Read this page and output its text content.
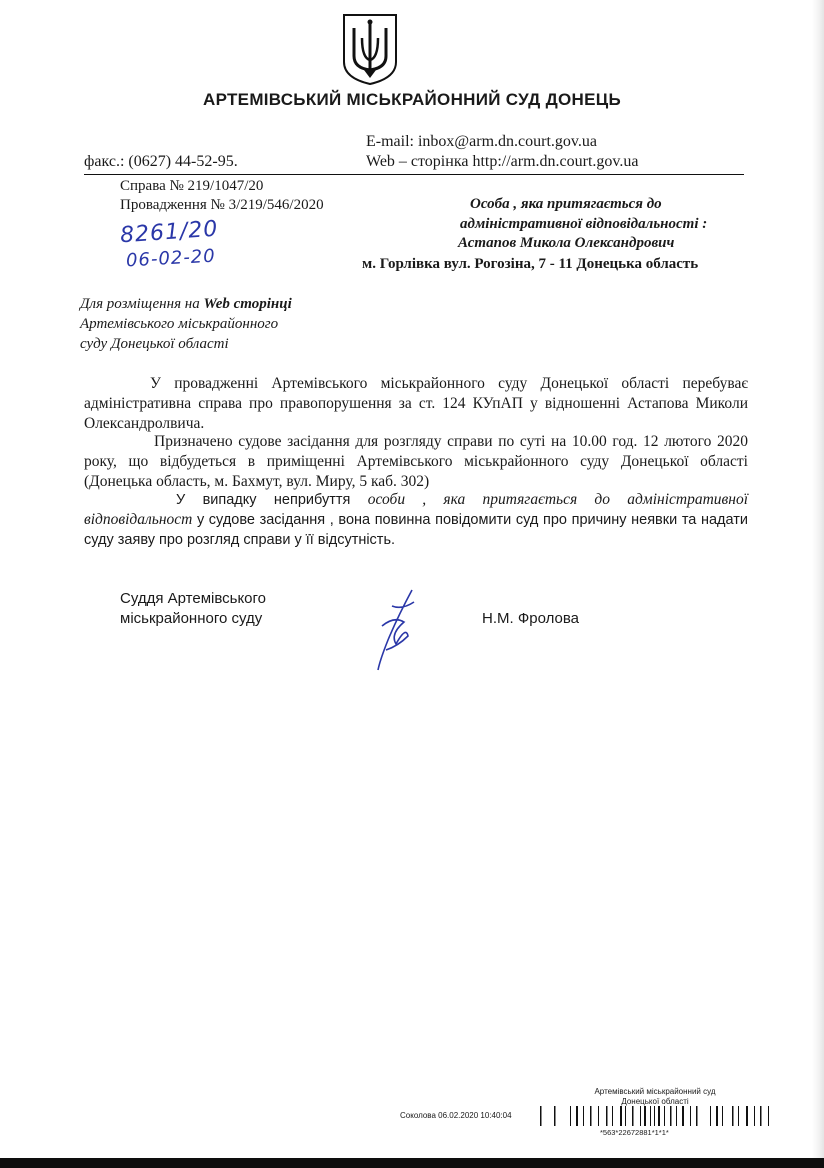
АРТЕМІВСЬКИЙ МІСЬКРАЙОННИЙ СУД ДОНЕЦЬ
E-mail: inbox@arm.dn.court.gov.ua
факс.: (0627) 44-52-95.	Web – сторінка http://arm.dn.court.gov.ua
Справа № 219/1047/20
Провадження № 3/219/546/2020
8261/20
06-02-20
Особа , яка притягається до
адміністративної відповідальності :
Астапов Микола Олександрович
м. Горлівка вул. Рогозіна, 7 - 11 Донецька область
Для розміщення на Web сторінці
Артемівського міськрайонного
суду Донецької області
У провадженні Артемівського міськрайонного суду Донецької області перебуває адміністративна справа про правопорушення за ст. 124 КУпАП у відношенні Астапова Миколи Олександролвича.
Призначено судове засідання для розгляду справи по суті на 10.00 год. 12 лютого 2020 року, що відбудеться в приміщенні Артемівського міськрайонного суду Донецької області (Донецька область, м. Бахмут, вул. Миру, 5 каб. 302)
У випадку неприбуття особи , яка притягається до адміністративної відповідальност у судове засідання , вона повинна повідомити суд про причину неявки та надати суду заяву про розгляд справи у її відсутність.
Суддя Артемівського
міськрайонного суду	Н.М. Фролова
Артемівський міськрайонний суд
Донецької області
Соколова 06.02.2020 10:40:04
*563*22672881*1*1*
